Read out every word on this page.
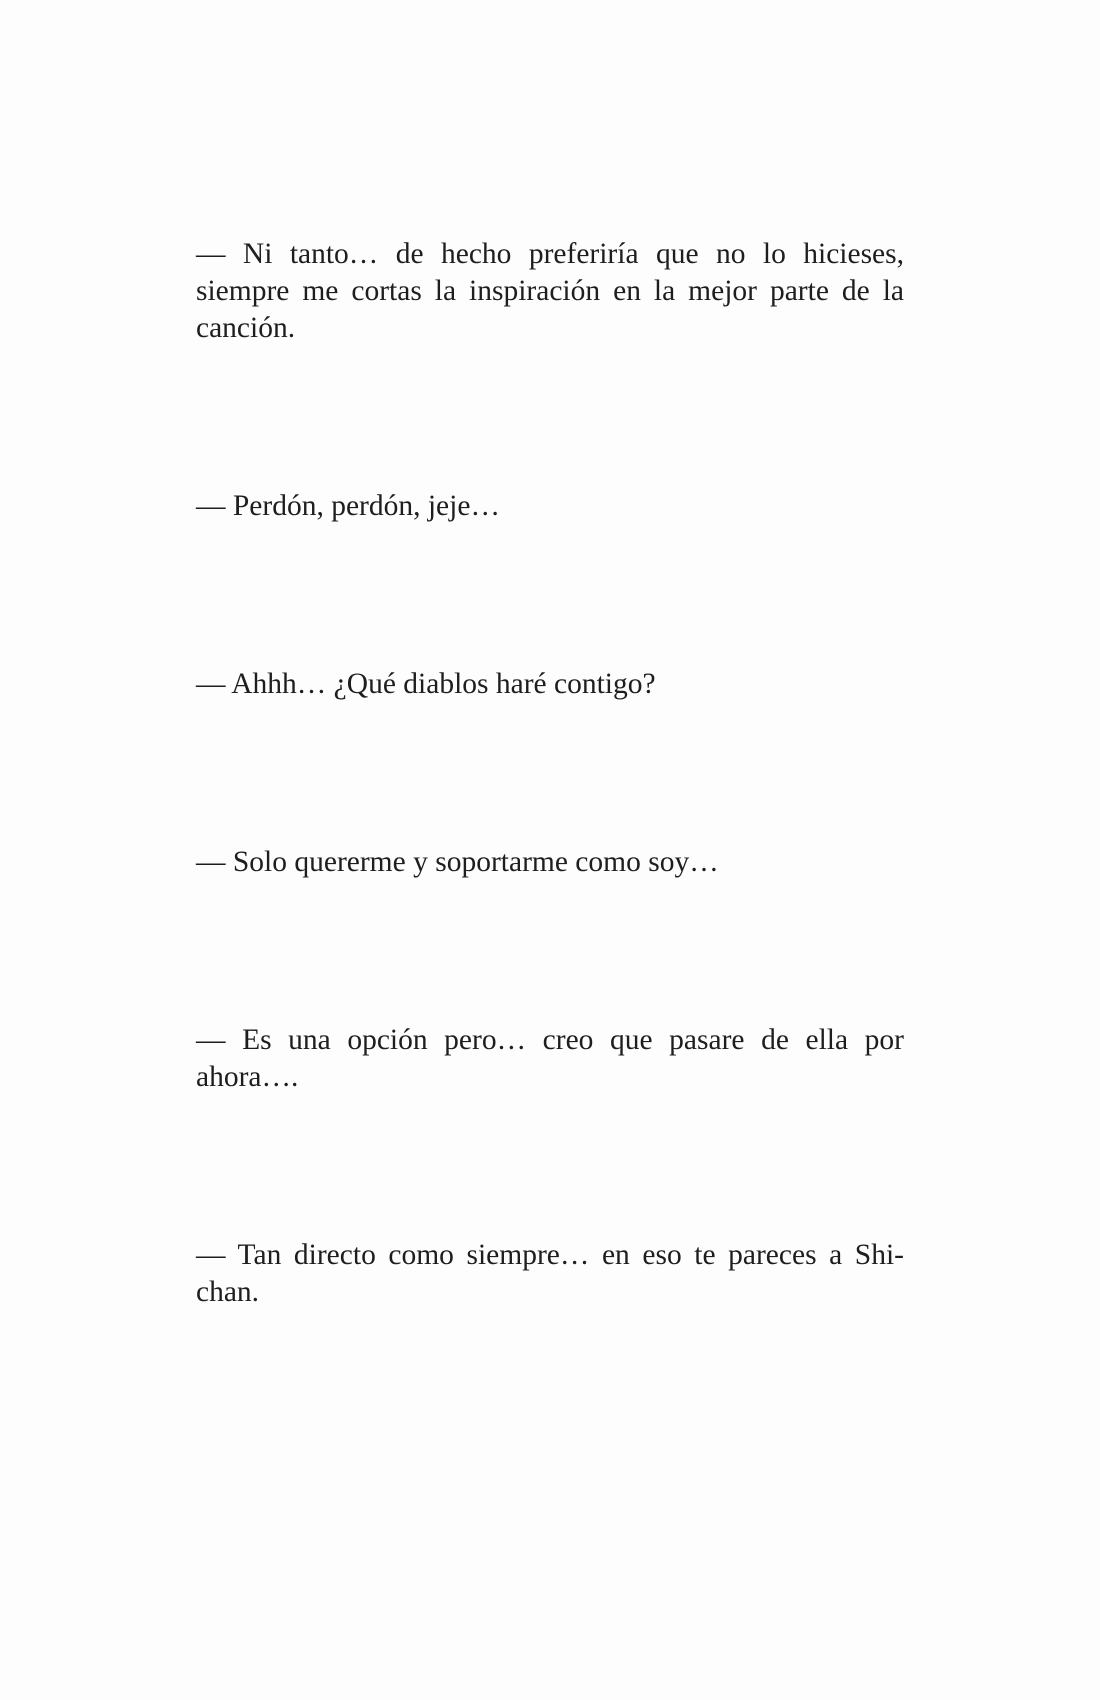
— Ni tanto… de hecho preferiría que no lo hicieses, siempre me cortas la inspiración en la mejor parte de la canción.

— Perdón, perdón, jeje…

— Ahhh… ¿Qué diablos haré contigo?

— Solo quererme y soportarme como soy…

— Es una opción pero… creo que pasare de ella por ahora….

— Tan directo como siempre… en eso te pareces a Shi-chan.
